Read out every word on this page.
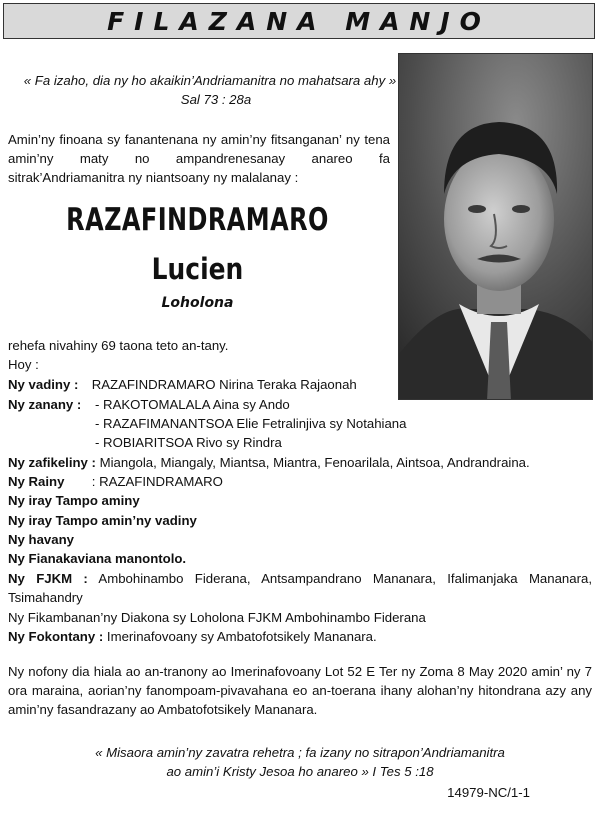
FILAZANA MANJO
« Fa izaho, dia ny ho akaikin’Andriamanitra no mahatsara ahy »
Sal 73 : 28a
Amin’ny finoana sy fanantenana ny amin’ny fitsanganan’ ny tena amin’ny maty no ampandrenesanay anareo fa sitrak’Andriamanitra ny niantsoany ny malalanay :
RAZAFINDRAMARO
Lucien
Loholona
rehefa nivahiny 69 taona teto an-tany.
Hoy :
Ny vadiny : RAZAFINDRAMARO Nirina Teraka Rajaonah
Ny zanany : - RAKOTOMALALA Aina sy Ando
- RAZAFIMANANTSOA Elie Fetralinjiva sy Notahiana
- ROBIARITSOA Rivo sy Rindra
Ny zafikeliny : Miangola, Miangaly, Miantsa, Miantra, Fenoarilala, Aintsoa, Andrandraina.
Ny Rainy : RAZAFINDRAMARO
Ny iray Tampo aminy
Ny iray Tampo amin’ny vadiny
Ny havany
Ny Fianakaviana manontolo.
Ny FJKM : Ambohinambo Fiderana, Antsampandrano Mananara, Ifalimanjaka Mananara, Tsimahandry
Ny Fikambanan’ny Diakona sy Loholona FJKM Ambohinambo Fiderana
Ny Fokontany : Imerinafovoany sy Ambatofotsikely Mananara.
Ny nofony dia hiala ao an-tranony ao Imerinafovoany Lot 52 E Ter ny Zoma 8 May 2020 amin’ ny 7 ora maraina, aorian’ny fanompoam-pivavahana eo an-toerana ihany alohan’ny hitondrana azy any amin’ny fasandrazany ao Ambatofotsikely Mananara.
« Misaora amin’ny zavatra rehetra ; fa izany no sitrapon’Andriamanitra
ao amin’i Kristy Jesoa ho anareo » I Tes 5 :18
14979-NC/1-1
